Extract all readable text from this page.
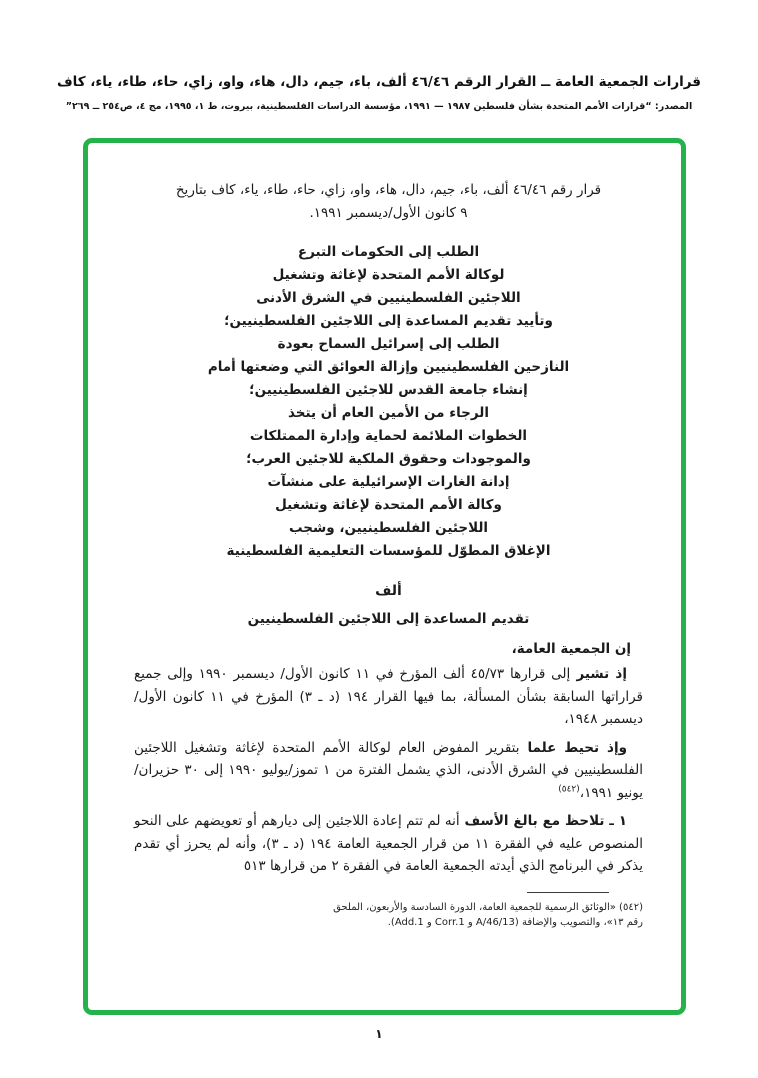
قرارات الجمعية العامة ــ القرار الرقم ٤٦/٤٦ ألف، باء، جيم، دال، هاء، واو، زاي، حاء، طاء، ياء، كاف
المصدر: “قرارات الأمم المتحدة بشأن فلسطين ١٩٨٧ — ١٩٩١، مؤسسة الدراسات الفلسطينية، بيروت، ط ١، ١٩٩٥، مج ٤، ص٢٥٤ ــ ٢٦٩”

قرار رقم ٤٦/٤٦ ألف، باء، جيم، دال، هاء، واو، زاي، حاء، طاء، ياء، كاف بتاريخ ٩ كانون الأول/ديسمبر ١٩٩١.

الطلب إلى الحكومات التبرع
لوكالة الأمم المتحدة لإغاثة وتشغيل
اللاجئين الفلسطينيين في الشرق الأدنى
وتأييد تقديم المساعدة إلى اللاجئين الفلسطينيين؛
الطلب إلى إسرائيل السماح بعودة
النازحين الفلسطينيين وإزالة العوائق التي وضعتها أمام
إنشاء جامعة القدس للاجئين الفلسطينيين؛
الرجاء من الأمين العام أن يتخذ
الخطوات الملائمة لحماية وإدارة الممتلكات
والموجودات وحقوق الملكية للاجئين العرب؛
إدانة الغارات الإسرائيلية على منشآت
وكالة الأمم المتحدة لإغاثة وتشغيل
اللاجئين الفلسطينيين، وشجب
الإغلاق المطوّل للمؤسسات التعليمية الفلسطينية
ألف
تقديم المساعدة إلى اللاجئين الفلسطينيين

إن الجمعية العامة،

إذ تشير إلى قرارها ٤٥/٧٣ ألف المؤرخ في ١١ كانون الأول/ ديسمبر ١٩٩٠ وإلى جميع قراراتها السابقة بشأن المسألة، بما فيها القرار ١٩٤ (د ـ ٣) المؤرخ في ١١ كانون الأول/ديسمبر ١٩٤٨،

وإذ تحيط علما بتقرير المفوض العام لوكالة الأمم المتحدة لإغاثة وتشغيل اللاجئين الفلسطينيين في الشرق الأدنى، الذي يشمل الفترة من ١ تموز/يوليو ١٩٩٠ إلى ٣٠ حزيران/يونيو ١٩٩١،$^{(٥٤٢)}$

١ ـ تلاحظ مع بالغ الأسف أنه لم تتم إعادة اللاجئين إلى ديارهم أو تعويضهم على النحو المنصوص عليه في الفقرة ١١ من قرار الجمعية العامة ١٩٤ (د ـ ٣)، وأنه لم يحرز أي تقدم يذكر في البرنامج الذي أيدته الجمعية العامة في الفقرة ٢ من قرارها ٥١٣

(٥٤٢) «الوثائق الرسمية للجمعية العامة، الدورة السادسة والأربعون، الملحق رقم ١٣»، والتصويب والإضافة (A/46/13 و Corr.1 و Add.1).

١
